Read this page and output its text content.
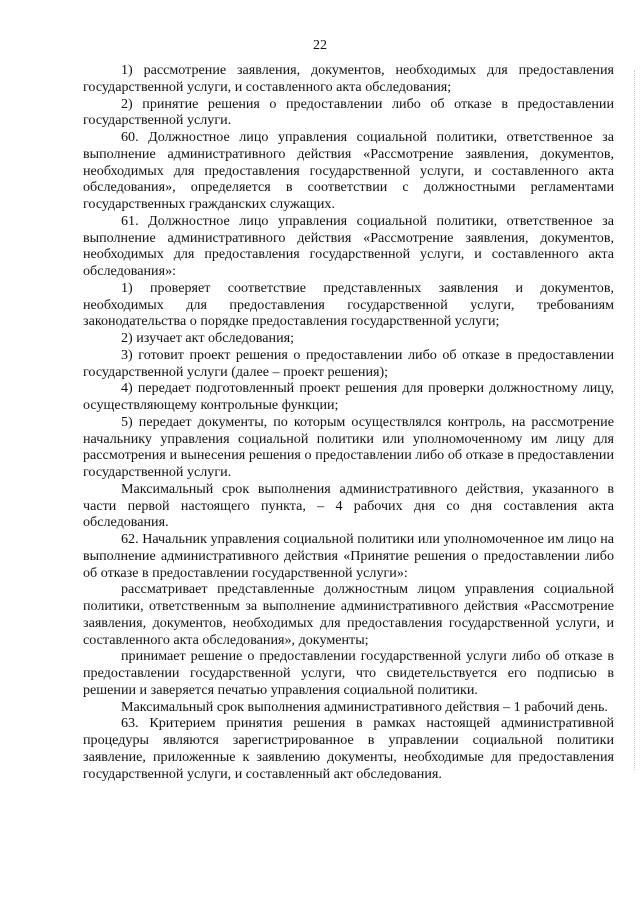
22

1) рассмотрение заявления, документов, необходимых для предоставления государственной услуги, и составленного акта обследования;

2) принятие решения о предоставлении либо об отказе в предоставлении государственной услуги.

60. Должностное лицо управления социальной политики, ответственное за выполнение административного действия «Рассмотрение заявления, документов, необходимых для предоставления государственной услуги, и составленного акта обследования», определяется в соответствии с должностными регламентами государственных гражданских служащих.

61. Должностное лицо управления социальной политики, ответственное за выполнение административного действия «Рассмотрение заявления, документов, необходимых для предоставления государственной услуги, и составленного акта обследования»:

1) проверяет соответствие представленных заявления и документов, необходимых для предоставления государственной услуги, требованиям законодательства о порядке предоставления государственной услуги;

2) изучает акт обследования;

3) готовит проект решения о предоставлении либо об отказе в предоставлении государственной услуги (далее – проект решения);

4) передает подготовленный проект решения для проверки должностному лицу, осуществляющему контрольные функции;

5) передает документы, по которым осуществлялся контроль, на рассмотрение начальнику управления социальной политики или уполномоченному им лицу для рассмотрения и вынесения решения о предоставлении либо об отказе в предоставлении государственной услуги.

Максимальный срок выполнения административного действия, указанного в части первой настоящего пункта, – 4 рабочих дня со дня составления акта обследования.

62. Начальник управления социальной политики или уполномоченное им лицо на выполнение административного действия «Принятие решения о предоставлении либо об отказе в предоставлении государственной услуги»:

рассматривает представленные должностным лицом управления социальной политики, ответственным за выполнение административного действия «Рассмотрение заявления, документов, необходимых для предоставления государственной услуги, и составленного акта обследования», документы;

принимает решение о предоставлении государственной услуги либо об отказе в предоставлении государственной услуги, что свидетельствуется его подписью в решении и заверяется печатью управления социальной политики.

Максимальный срок выполнения административного действия – 1 рабочий день.

63. Критерием принятия решения в рамках настоящей административной процедуры являются зарегистрированное в управлении социальной политики заявление, приложенные к заявлению документы, необходимые для предоставления государственной услуги, и составленный акт обследования.
